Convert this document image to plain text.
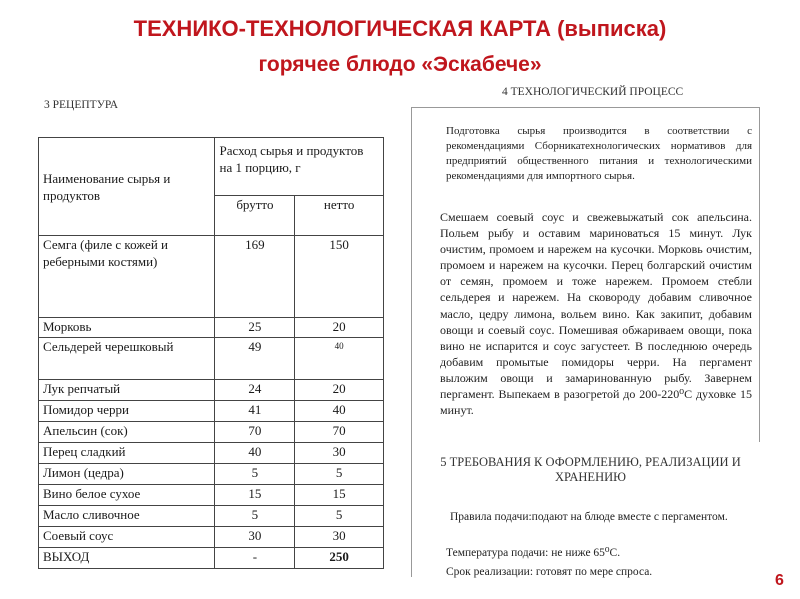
ТЕХНИКО-ТЕХНОЛОГИЧЕСКАЯ КАРТА (выписка)
горячее блюдо «Эскабече»
3 РЕЦЕПТУРА
4 ТЕХНОЛОГИЧЕСКИЙ ПРОЦЕСС
Наименование сырья и продуктов	Расход сырья и продуктов на 1 порцию, г	
	брутто	нетто
Семга (филе с кожей и реберными костями)	169	150
Морковь	25	20
Сельдерей черешковый	49	40
Лук репчатый	24	20
Помидор черри	41	40
Апельсин (сок)	70	70
Перец сладкий	40	30
Лимон (цедра)	5	5
Вино белое сухое	15	15
Масло сливочное	5	5
Соевый соус	30	30
ВЫХОД	-	250

Подготовка сырья производится в соответствии с рекомендациями Сборникатехнологических нормативов для предприятий общественного питания и технологическими рекомендациями для импортного сырья.

Смешаем соевый соус и свежевыжатый сок апельсина. Польем рыбу и оставим мариноваться 15 минут. Лук очистим, промоем и нарежем на кусочки. Морковь очистим, промоем и нарежем на кусочки. Перец болгарский очистим от семян, промоем и тоже нарежем. Промоем стебли сельдерея и нарежем. На сковороду добавим сливочное масло, цедру лимона, вольем вино. Как закипит, добавим овощи и соевый соус. Помешивая обжариваем овощи, пока вино не испарится и соус загустеет. В последнюю очередь добавим промытые помидоры черри. На пергамент выложим овощи и замаринованную рыбу. Завернем пергамент. Выпекаем в разогретой до 200-220⁰С духовке 15 минут.

5 ТРЕБОВАНИЯ К ОФОРМЛЕНИЮ, РЕАЛИЗАЦИИ И ХРАНЕНИЮ
Правила подачи:подают на блюде вместе с пергаментом.
Температура подачи: не ниже 65⁰С.
Срок реализации: готовят по мере спроса.	6
